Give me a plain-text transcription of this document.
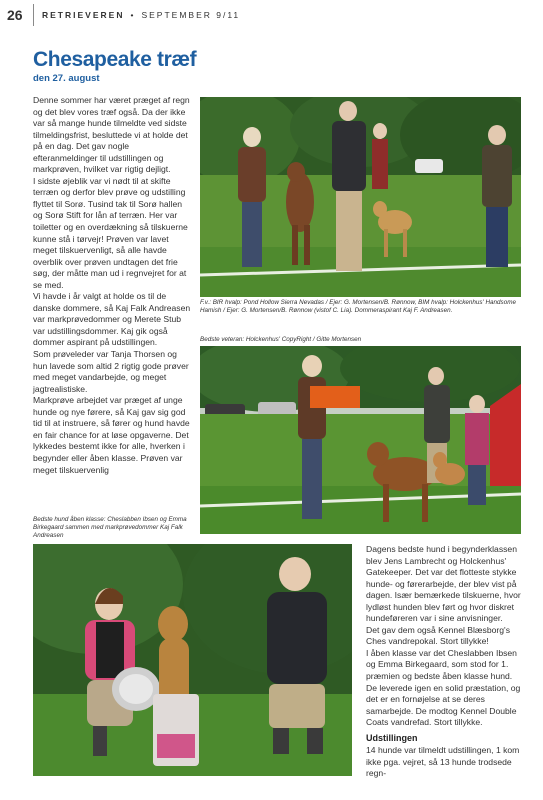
26 RETRIEVEREN • SEPTEMBER 9/11
Chesapeake træf
den 27. august

Denne sommer har været præget af regn og det blev vores træf også. Da der ikke var så mange hunde tilmeldte ved sidste tilmeldingsfrist, besluttede vi at holde det på en dag. Det gav nogle efteranmeldinger til udstillingen og markprøven, hvilket var rigtig dejligt.

I sidste øjeblik var vi nødt til at skifte terræn og derfor blev prøve og udstilling flyttet til Sorø. Tusind tak til Sorø hallen og Sorø Stift for lån af terræn. Her var toiletter og en overdækning så tilskuerne kunne stå i tørvejr! Prøven var lavet meget tilskuervenligt, så alle havde overblik over prøven undtagen det frie søg, der måtte man ud i regnvejret for at se med.

Vi havde i år valgt at holde os til de danske dommere, så Kaj Falk Andreasen var markprøvedommer og Merete Stub var udstillingsdommer. Kaj gik også dommer aspirant på udstillingen.

Som prøveleder var Tanja Thorsen og hun lavede som altid 2 rigtig gode prøver med meget vandarbejde, og meget jagtrealistiske.

Markprøve arbejdet var præget af unge hunde og nye førere, så Kaj gav sig god tid til at instruere, så fører og hund havde en fair chance for at løse opgaverne. Det lykkedes bestemt ikke for alle, hverken i begynder eller åben klasse. Prøven var meget tilskuervenlig

F.v.: BIR hvalp: Pond Hollow Sierra Nevadas / Ejer: G. Mortensen/B. Rønnow, BIM hvalp: Holckenhus' Handsome Hamish / Ejer: G. Mortensen/B. Rønnow (vistof C. Lia). Dommeraspirant Kaj F. Andreasen.
Bedste veteran: Holckenhus' CopyRight / Gitte Mortensen
Bedste hund åben klasse: Cheslabben Ibsen og Emma Birkegaard sammen med markprøvedommer Kaj Falk Andreasen

Dagens bedste hund i begynderklassen blev Jens Lambrecht og Holckenhus' Gatekeeper. Det var det flotteste stykke hunde- og førerarbejde, der blev vist på dagen. Især bemærkede tilskuerne, hvor lydløst hunden blev ført og hvor diskret hundeføreren var i sine anvisninger.

Det gav dem også Kennel Blæsborg's Ches vandrepokal. Stort tillykke!

I åben klasse var det Cheslabben Ibsen og Emma Birkegaard, som stod for 1. præmien og bedste åben klasse hund. De leverede igen en solid præstation, og det er en fornøjelse at se deres samarbejde. De modtog Kennel Double Coats vandrefad. Stort tillykke.

Udstillingen

14 hunde var tilmeldt udstillingen, 1 kom ikke pga. vejret, så 13 hunde trodsede regn-
